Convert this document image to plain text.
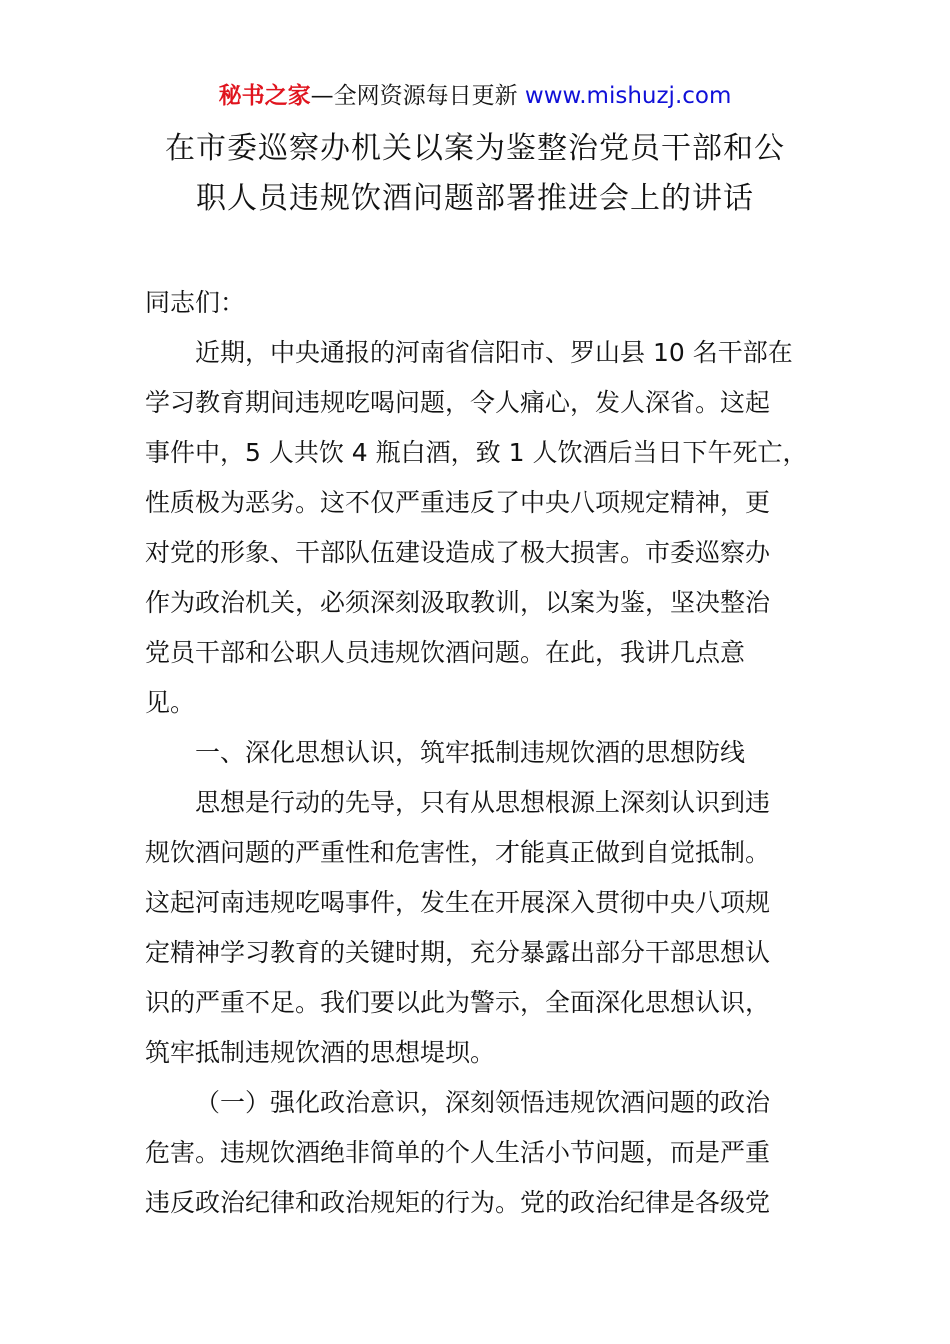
秘书之家—全网资源每日更新 www.mishuzj.com
在市委巡察办机关以案为鉴整治党员干部和公
职人员违规饮酒问题部署推进会上的讲话
同志们：
近期，中央通报的河南省信阳市、罗山县 10 名干部在
学习教育期间违规吃喝问题，令人痛心，发人深省。这起
事件中，5 人共饮 4 瓶白酒，致 1 人饮酒后当日下午死亡，
性质极为恶劣。这不仅严重违反了中央八项规定精神，更
对党的形象、干部队伍建设造成了极大损害。市委巡察办
作为政治机关，必须深刻汲取教训，以案为鉴，坚决整治
党员干部和公职人员违规饮酒问题。在此，我讲几点意
见。
一、深化思想认识，筑牢抵制违规饮酒的思想防线
思想是行动的先导，只有从思想根源上深刻认识到违
规饮酒问题的严重性和危害性，才能真正做到自觉抵制。
这起河南违规吃喝事件，发生在开展深入贯彻中央八项规
定精神学习教育的关键时期，充分暴露出部分干部思想认
识的严重不足。我们要以此为警示，全面深化思想认识，
筑牢抵制违规饮酒的思想堤坝。
（一）强化政治意识，深刻领悟违规饮酒问题的政治
危害。违规饮酒绝非简单的个人生活小节问题，而是严重
违反政治纪律和政治规矩的行为。党的政治纪律是各级党
